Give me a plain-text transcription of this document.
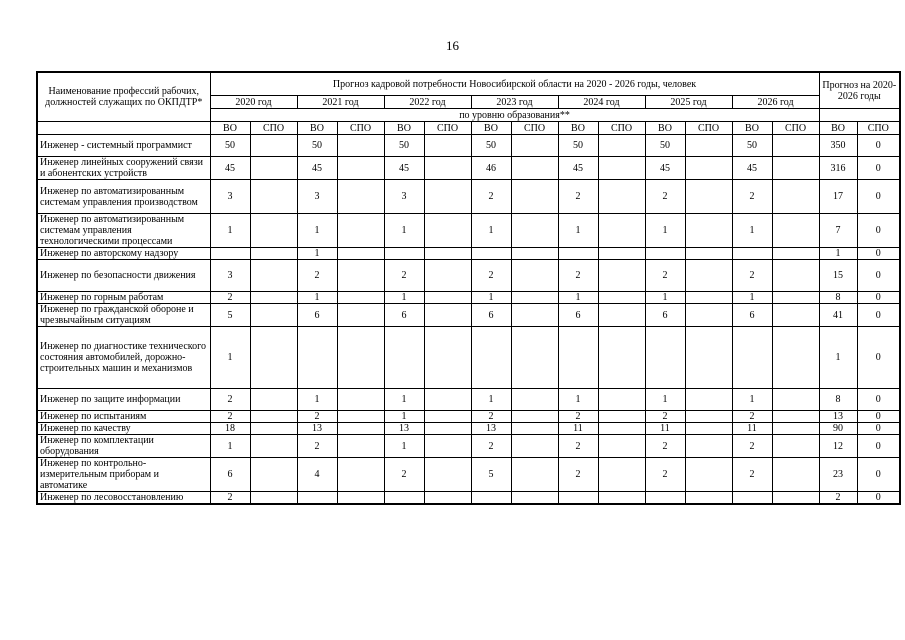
16
Наименование профессий рабочих, должностей служащих по ОКПДТР*	Прогноз кадровой потребности Новосибирской области на 2020 - 2026 годы, человек														Прогноз на 2020-2026 годы	
	2020 год		2021 год		2022 год		2023 год		2024 год		2025 год		2026 год			
	по уровню образования**															
	ВО	СПО	ВО	СПО	ВО	СПО	ВО	СПО	ВО	СПО	ВО	СПО	ВО	СПО	ВО	СПО
Инженер - системный программист	50		50		50		50		50		50		50		350	0
Инженер линейных сооружений связи и абонентских устройств	45		45		45		46		45		45		45		316	0
Инженер по автоматизированным системам управления производством	3		3		3		2		2		2		2		17	0
Инженер по автоматизированным системам управления технологическими процессами	1		1		1		1		1		1		1		7	0
Инженер по авторскому надзору			1												1	0
Инженер по безопасности движения	3		2		2		2		2		2		2		15	0
Инженер по горным работам	2		1		1		1		1		1		1		8	0
Инженер по гражданской обороне и чрезвычайным ситуациям	5		6		6		6		6		6		6		41	0
Инженер по диагностике технического состояния автомобилей, дорожно-строительных машин и механизмов	1														1	0
Инженер по защите информации	2		1		1		1		1		1		1		8	0
Инженер по испытаниям	2		2		1		2		2		2		2		13	0
Инженер по качеству	18		13		13		13		11		11		11		90	0
Инженер по комплектации оборудования	1		2		1		2		2		2		2		12	0
Инженер по контрольно-измерительным приборам и автоматике	6		4		2		5		2		2		2		23	0
Инженер по лесовосстановлению	2														2	0
